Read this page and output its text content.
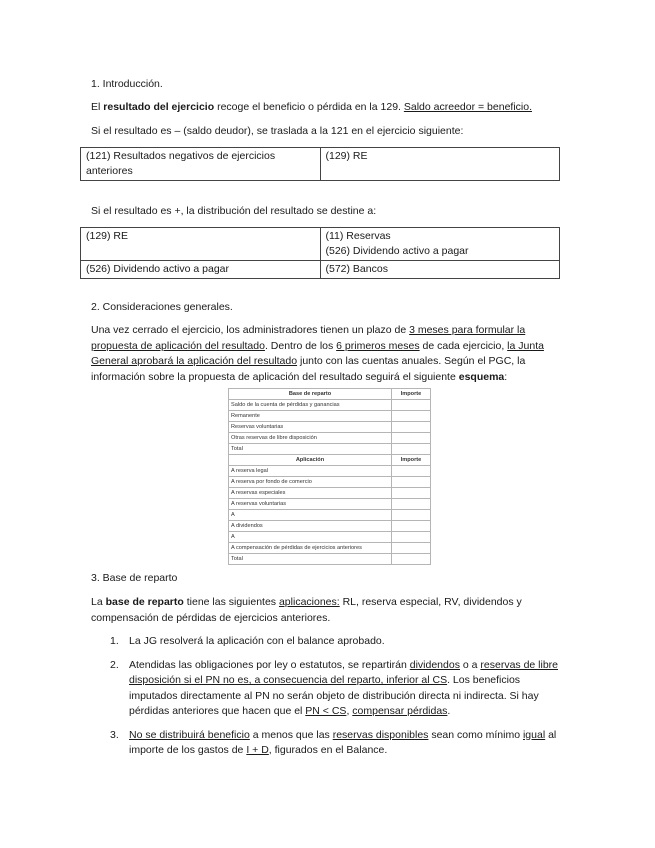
1. Introducción.

El resultado del ejercicio recoge el beneficio o pérdida en la 129. Saldo acreedor = beneficio.

Si el resultado es – (saldo deudor), se traslada a la 121 en el ejercicio siguiente:

(121) Resultados negativos de ejercicios anteriores	(129) RE

Si el resultado es +, la distribución del resultado se destine a:

(129) RE	(11) Reservas
(526) Dividendo activo a pagar

(526) Dividendo activo a pagar	(572) Bancos

2. Consideraciones generales.

Una vez cerrado el ejercicio, los administradores tienen un plazo de 3 meses para formular la propuesta de aplicación del resultado. Dentro de los 6 primeros meses de cada ejercicio, la Junta General aprobará la aplicación del resultado junto con las cuentas anuales. Según el PGC, la información sobre la propuesta de aplicación del resultado seguirá el siguiente esquema:

Base de reparto	Importe
Saldo de la cuenta de pérdidas y ganancias	
Remanente	
Reservas voluntarias	
Otras reservas de libre disposición	
Total	
Aplicación	Importe
A reserva legal	
A reserva por fondo de comercio	
A reservas especiales	
A reservas voluntarias	
A	
A dividendos	
A	
A compensación de pérdidas de ejercicios anteriores	
Total	

3. Base de reparto

La base de reparto tiene las siguientes aplicaciones: RL, reserva especial, RV, dividendos y compensación de pérdidas de ejercicios anteriores.

1. La JG resolverá la aplicación con el balance aprobado.
2. Atendidas las obligaciones por ley o estatutos, se repartirán dividendos o a reservas de libre disposición si el PN no es, a consecuencia del reparto, inferior al CS. Los beneficios imputados directamente al PN no serán objeto de distribución directa ni indirecta. Si hay pérdidas anteriores que hacen que el PN < CS, compensar pérdidas.
3. No se distribuirá beneficio a menos que las reservas disponibles sean como mínimo igual al importe de los gastos de I + D, figurados en el Balance.
